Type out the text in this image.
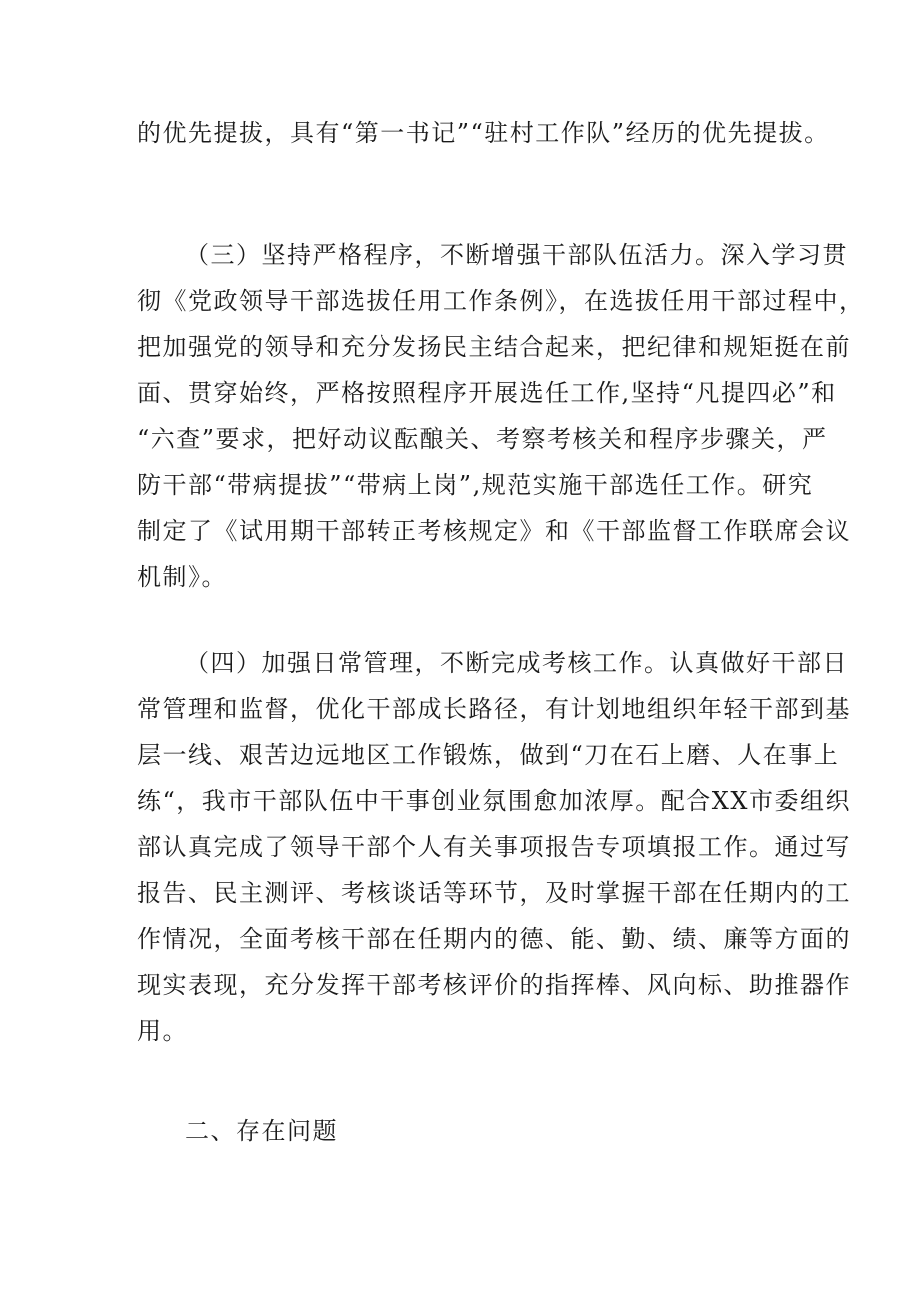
的优先提拔，具有“第一书记”“驻村工作队”经历的优先提拔。
（三）坚持严格程序，不断增强干部队伍活力。深入学习贯
彻《党政领导干部选拔任用工作条例》，在选拔任用干部过程中，
把加强党的领导和充分发扬民主结合起来，把纪律和规矩挺在前
面、贯穿始终，严格按照程序开展选任工作,坚持“凡提四必”和
“六查”要求，把好动议酝酿关、考察考核关和程序步骤关，严
防干部“带病提拔”“带病上岗”,规范实施干部选任工作。研究
制定了《试用期干部转正考核规定》和《干部监督工作联席会议
机制》。
（四）加强日常管理，不断完成考核工作。认真做好干部日
常管理和监督，优化干部成长路径，有计划地组织年轻干部到基
层一线、艰苦边远地区工作锻炼，做到“刀在石上磨、人在事上
练“，我市干部队伍中干事创业氛围愈加浓厚。配合XX市委组织
部认真完成了领导干部个人有关事项报告专项填报工作。通过写
报告、民主测评、考核谈话等环节，及时掌握干部在任期内的工
作情况，全面考核干部在任期内的德、能、勤、绩、廉等方面的
现实表现，充分发挥干部考核评价的指挥棒、风向标、助推器作
用。
二、存在问题
